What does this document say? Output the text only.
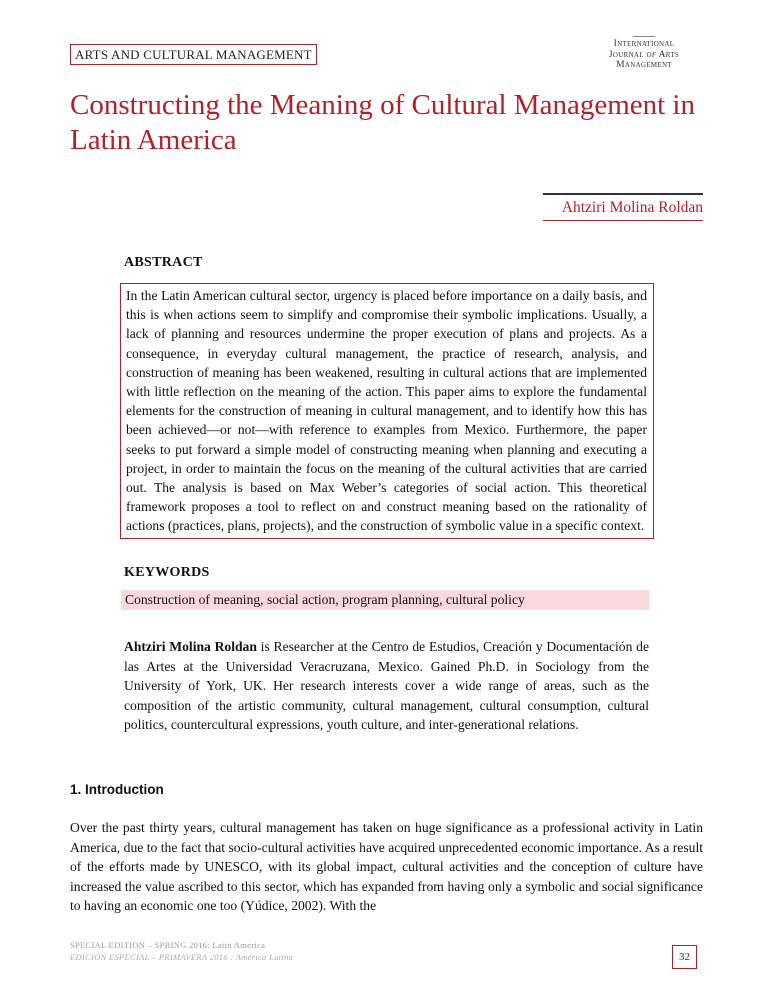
ARTS AND CULTURAL MANAGEMENT
International
Journal of Arts
Management
Constructing the Meaning of Cultural Management in Latin America
Ahtziri Molina Roldan
ABSTRACT
In the Latin American cultural sector, urgency is placed before importance on a daily basis, and this is when actions seem to simplify and compromise their symbolic implications. Usually, a lack of planning and resources undermine the proper execution of plans and projects. As a consequence, in everyday cultural management, the practice of research, analysis, and construction of meaning has been weakened, resulting in cultural actions that are implemented with little reflection on the meaning of the action. This paper aims to explore the fundamental elements for the construction of meaning in cultural management, and to identify how this has been achieved—or not—with reference to examples from Mexico. Furthermore, the paper seeks to put forward a simple model of constructing meaning when planning and executing a project, in order to maintain the focus on the meaning of the cultural activities that are carried out. The analysis is based on Max Weber’s categories of social action. This theoretical framework proposes a tool to reflect on and construct meaning based on the rationality of actions (practices, plans, projects), and the construction of symbolic value in a specific context.
KEYWORDS
Construction of meaning, social action, program planning, cultural policy
Ahtziri Molina Roldan is Researcher at the Centro de Estudios, Creación y Documentación de las Artes at the Universidad Veracruzana, Mexico. Gained Ph.D. in Sociology from the University of York, UK. Her research interests cover a wide range of areas, such as the composition of the artistic community, cultural management, cultural consumption, cultural politics, countercultural expressions, youth culture, and inter-generational relations.
1. Introduction
Over the past thirty years, cultural management has taken on huge significance as a professional activity in Latin America, due to the fact that socio-cultural activities have acquired unprecedented economic importance. As a result of the efforts made by UNESCO, with its global impact, cultural activities and the conception of culture have increased the value ascribed to this sector, which has expanded from having only a symbolic and social significance to having an economic one too (Yúdice, 2002). With the
SPECIAL EDITION – SPRING 2016: Latin America
EDICIÓN ESPECIAL – PRIMAVERA 2016 : América Latina	32
